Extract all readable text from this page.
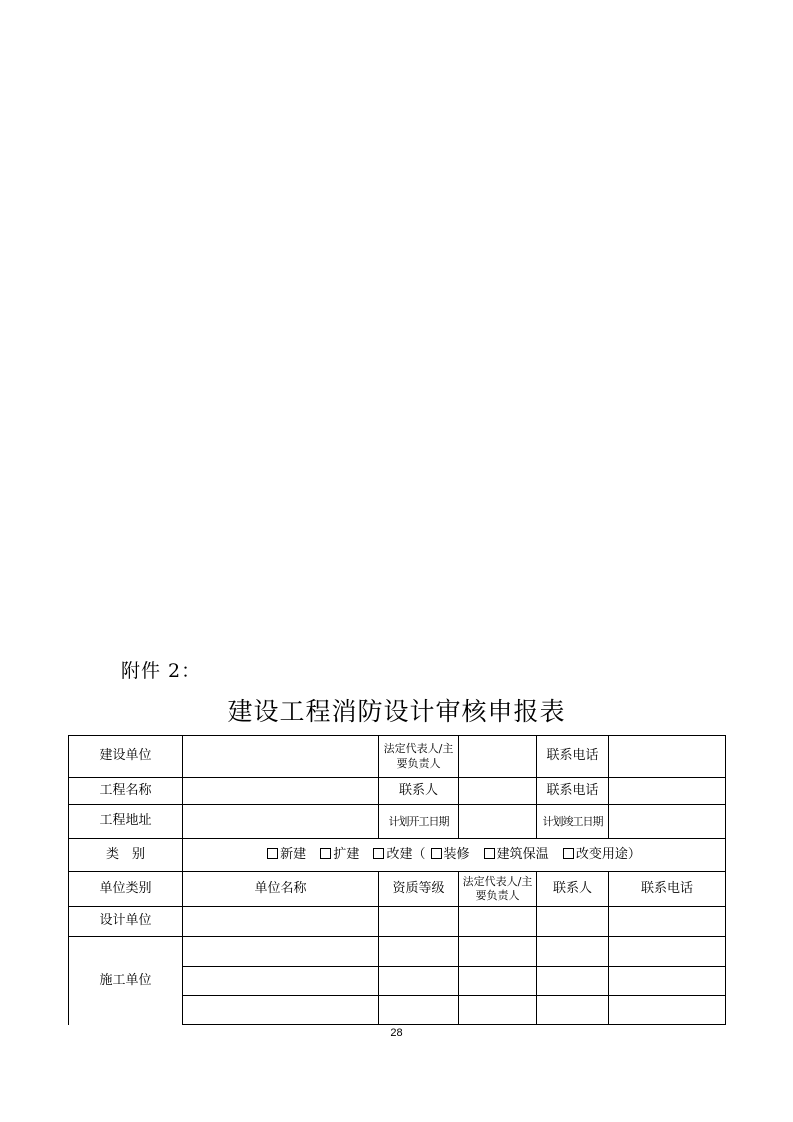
附件 2：
建设工程消防设计审核申报表
建设单位		法定代表人/主要负责人		联系电话	
工程名称		联系人		联系电话	
工程地址		计划开工日期		计划竣工日期	
类　别	新建 扩建 改建（ 装修 建筑保温 改变用途）				
单位类别	单位名称	资质等级	法定代表人/主要负责人	联系人	联系电话
设计单位					
施工单位					

28
